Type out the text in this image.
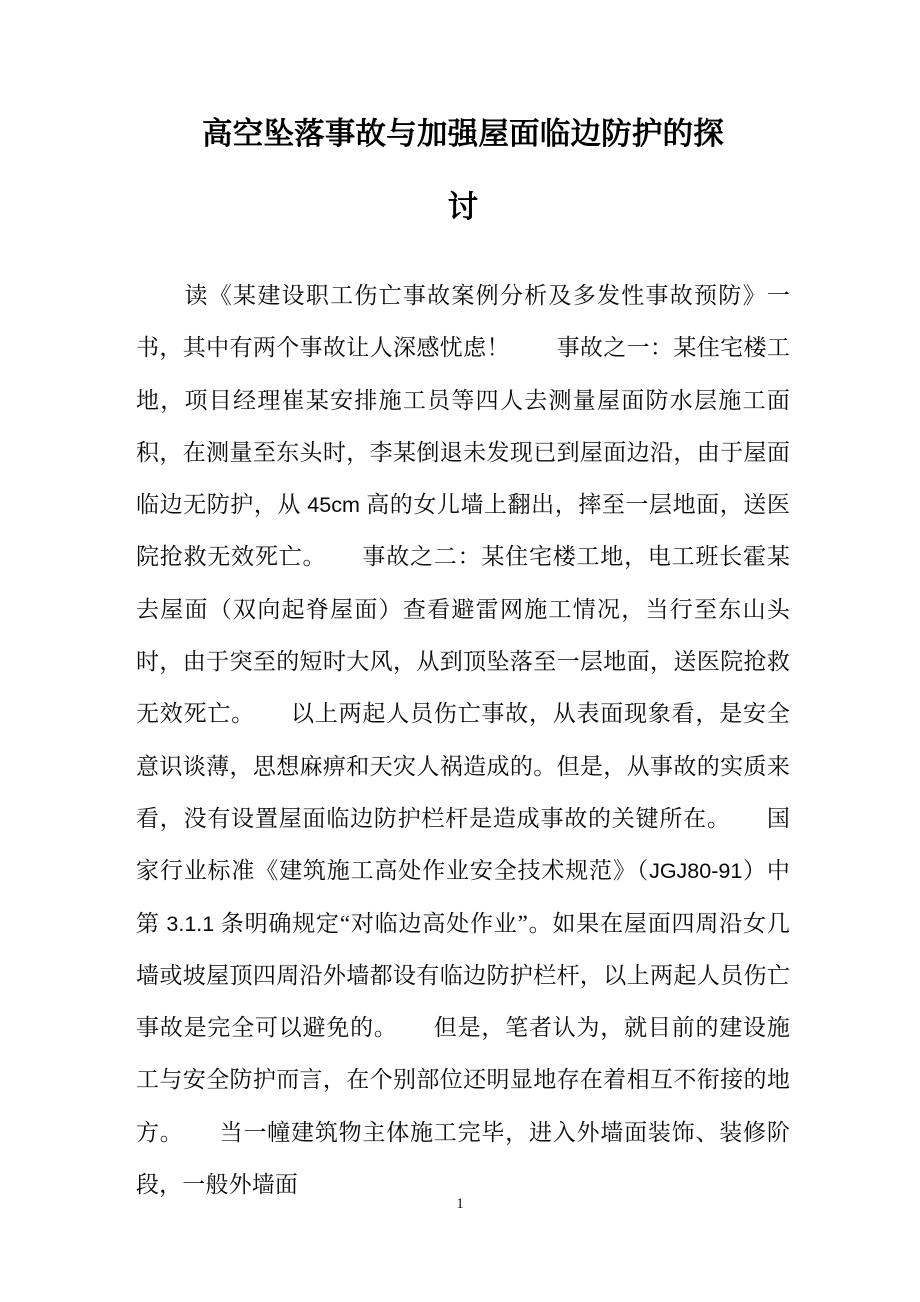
高空坠落事故与加强屋面临边防护的探
讨

　　读《某建设职工伤亡事故案例分析及多发性事故预防》一书，其中有两个事故让人深感忧虑！　　事故之一：某住宅楼工地，项目经理崔某安排施工员等四人去测量屋面防水层施工面积，在测量至东头时，李某倒退未发现已到屋面边沿，由于屋面临边无防护，从 45cm 高的女儿墙上翻出，摔至一层地面，送医院抢救无效死亡。　　事故之二：某住宅楼工地，电工班长霍某去屋面（双向起脊屋面）查看避雷网施工情况，当行至东山头时，由于突至的短时大风，从到顶坠落至一层地面，送医院抢救无效死亡。　　以上两起人员伤亡事故，从表面现象看，是安全意识谈薄，思想麻痹和天灾人祸造成的。但是，从事故的实质来看，没有设置屋面临边防护栏杆是造成事故的关键所在。　　国家行业标准《建筑施工高处作业安全技术规范》（JGJ80-91）中第 3.1.1 条明确规定“对临边高处作业”。如果在屋面四周沿女几墙或坡屋顶四周沿外墙都设有临边防护栏杆，以上两起人员伤亡事故是完全可以避免的。　　但是，笔者认为，就目前的建设施工与安全防护而言，在个别部位还明显地存在着相互不衔接的地方。　　当一幢建筑物主体施工完毕，进入外墙面装饰、装修阶段，一般外墙面

1
